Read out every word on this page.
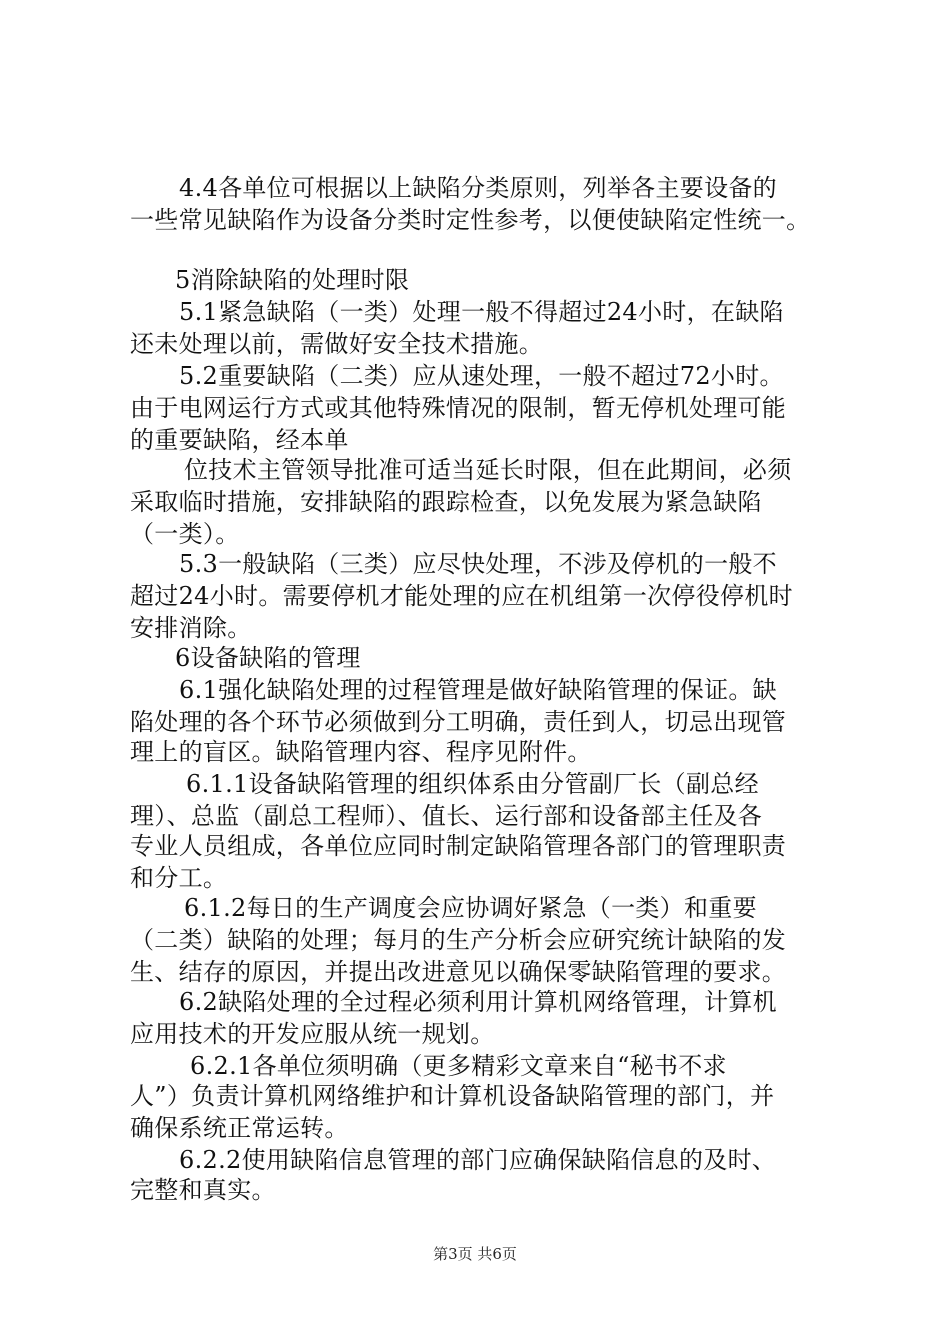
4.4各单位可根据以上缺陷分类原则，列举各主要设备的
一些常见缺陷作为设备分类时定性参考，以便使缺陷定性统一。
5消除缺陷的处理时限
5.1紧急缺陷（一类）处理一般不得超过24小时，在缺陷
还未处理以前，需做好安全技术措施。
5.2重要缺陷（二类）应从速处理，一般不超过72小时。
由于电网运行方式或其他特殊情况的限制，暂无停机处理可能
的重要缺陷，经本单
位技术主管领导批准可适当延长时限，但在此期间，必须
采取临时措施，安排缺陷的跟踪检查，以免发展为紧急缺陷
（一类）。
5.3一般缺陷（三类）应尽快处理，不涉及停机的一般不
超过24小时。需要停机才能处理的应在机组第一次停役停机时
安排消除。
6设备缺陷的管理
6.1强化缺陷处理的过程管理是做好缺陷管理的保证。缺
陷处理的各个环节必须做到分工明确，责任到人，切忌出现管
理上的盲区。缺陷管理内容、程序见附件。
6.1.1设备缺陷管理的组织体系由分管副厂长（副总经
理）、总监（副总工程师）、值长、运行部和设备部主任及各
专业人员组成，各单位应同时制定缺陷管理各部门的管理职责
和分工。
6.1.2每日的生产调度会应协调好紧急（一类）和重要
（二类）缺陷的处理；每月的生产分析会应研究统计缺陷的发
生、结存的原因，并提出改进意见以确保零缺陷管理的要求。
6.2缺陷处理的全过程必须利用计算机网络管理，计算机
应用技术的开发应服从统一规划。
6.2.1各单位须明确（更多精彩文章来自“秘书不求
人”）负责计算机网络维护和计算机设备缺陷管理的部门，并
确保系统正常运转。
6.2.2使用缺陷信息管理的部门应确保缺陷信息的及时、
完整和真实。
第3页 共6页
